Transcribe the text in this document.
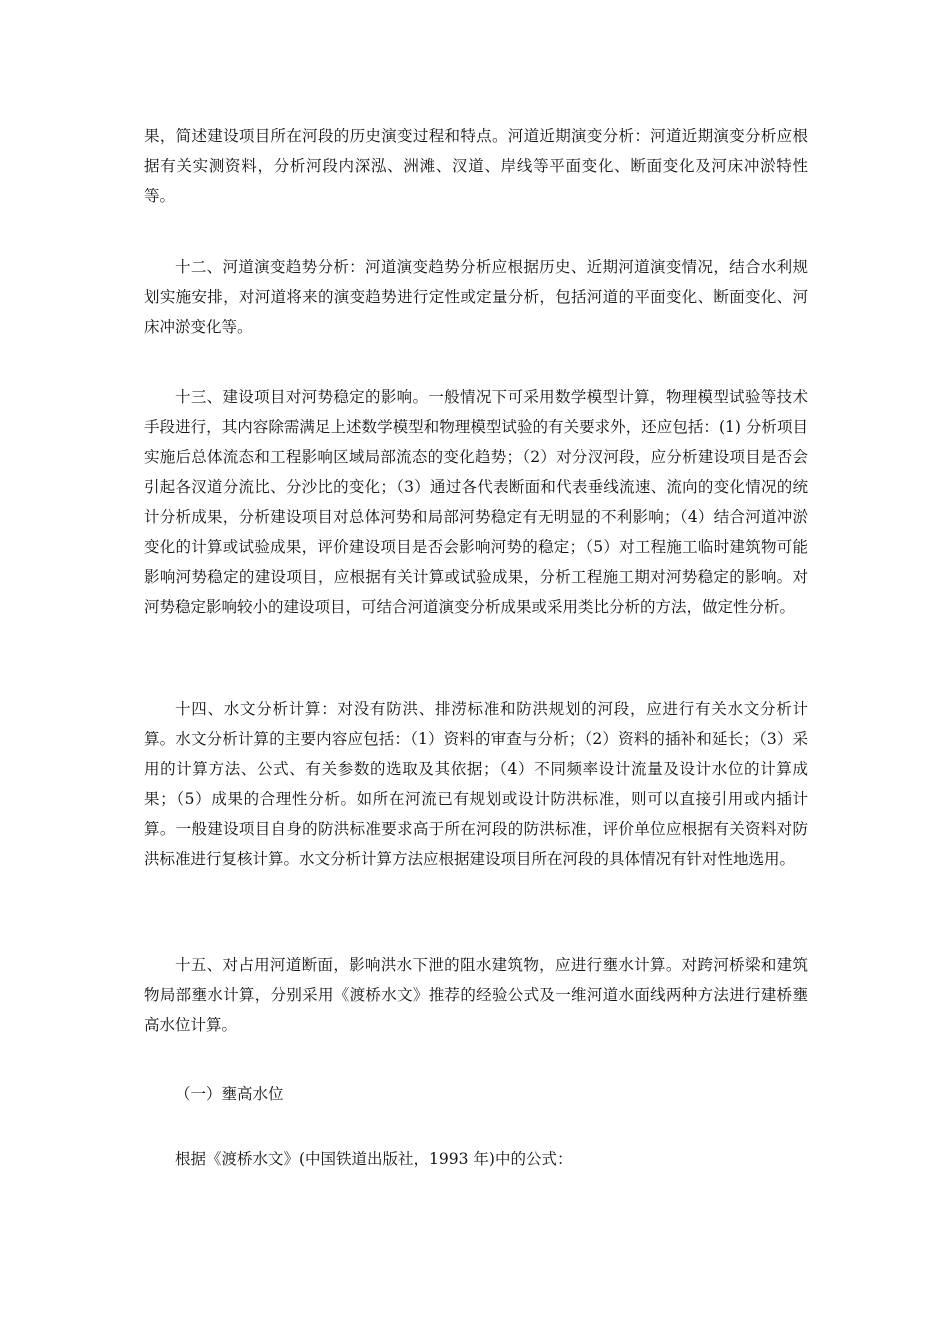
果，简述建设项目所在河段的历史演变过程和特点。河道近期演变分析：河道近期演变分析应根据有关实测资料，分析河段内深泓、洲滩、汊道、岸线等平面变化、断面变化及河床冲淤特性等。

十二、河道演变趋势分析：河道演变趋势分析应根据历史、近期河道演变情况，结合水利规划实施安排，对河道将来的演变趋势进行定性或定量分析，包括河道的平面变化、断面变化、河床冲淤变化等。

十三、建设项目对河势稳定的影响。一般情况下可采用数学模型计算，物理模型试验等技术手段进行，其内容除需满足上述数学模型和物理模型试验的有关要求外，还应包括：(1) 分析项目实施后总体流态和工程影响区域局部流态的变化趋势；（2）对分汊河段，应分析建设项目是否会引起各汊道分流比、分沙比的变化；（3）通过各代表断面和代表垂线流速、流向的变化情况的统计分析成果，分析建设项目对总体河势和局部河势稳定有无明显的不利影响；（4）结合河道冲淤变化的计算或试验成果，评价建设项目是否会影响河势的稳定；（5）对工程施工临时建筑物可能影响河势稳定的建设项目，应根据有关计算或试验成果，分析工程施工期对河势稳定的影响。对河势稳定影响较小的建设项目，可结合河道演变分析成果或采用类比分析的方法，做定性分析。

十四、水文分析计算：对没有防洪、排涝标准和防洪规划的河段，应进行有关水文分析计算。水文分析计算的主要内容应包括：（1）资料的审查与分析；（2）资料的插补和延长；（3）采用的计算方法、公式、有关参数的选取及其依据；（4）不同频率设计流量及设计水位的计算成果；（5）成果的合理性分析。如所在河流已有规划或设计防洪标准，则可以直接引用或内插计算。一般建设项目自身的防洪标准要求高于所在河段的防洪标准，评价单位应根据有关资料对防洪标准进行复核计算。水文分析计算方法应根据建设项目所在河段的具体情况有针对性地选用。

十五、对占用河道断面，影响洪水下泄的阻水建筑物，应进行壅水计算。对跨河桥梁和建筑物局部壅水计算，分别采用《渡桥水文》推荐的经验公式及一维河道水面线两种方法进行建桥壅高水位计算。

（一）壅高水位

根据《渡桥水文》(中国铁道出版社，1993 年)中的公式：
